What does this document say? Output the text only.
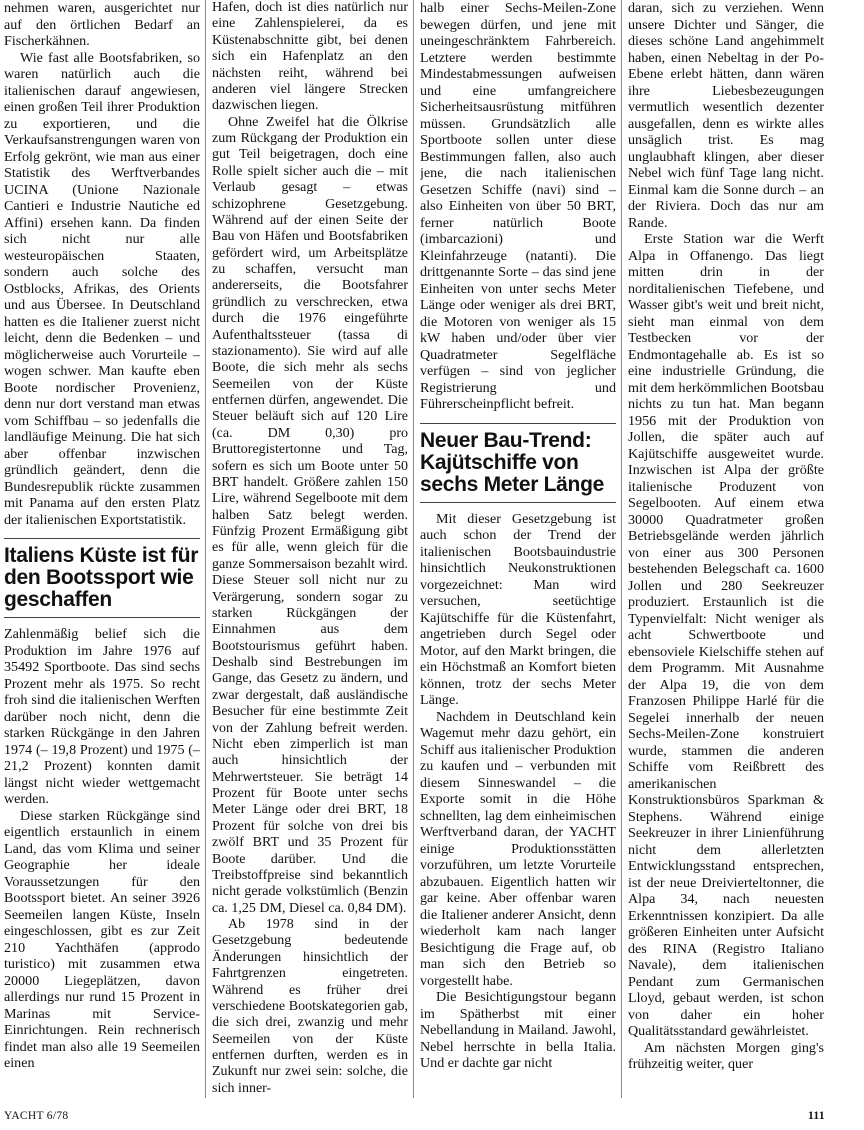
nehmen waren, ausgerichtet nur auf den örtlichen Bedarf an Fischerkähnen.

Wie fast alle Bootsfabriken, so waren natürlich auch die italienischen darauf angewiesen, einen großen Teil ihrer Produktion zu exportieren, und die Verkaufsanstrengungen waren von Erfolg gekrönt, wie man aus einer Statistik des Werftverbandes UCINA (Unione Nazionale Cantieri e Industrie Nautiche ed Affini) ersehen kann. Da finden sich nicht nur alle westeuropäischen Staaten, sondern auch solche des Ostblocks, Afrikas, des Orients und aus Übersee. In Deutschland hatten es die Italiener zuerst nicht leicht, denn die Bedenken – und möglicherweise auch Vorurteile – wogen schwer. Man kaufte eben Boote nordischer Provenienz, denn nur dort verstand man etwas vom Schiffbau – so jedenfalls die landläufige Meinung. Die hat sich aber offenbar inzwischen gründlich geändert, denn die Bundesrepublik rückte zusammen mit Panama auf den ersten Platz der italienischen Exportstatistik.

Italiens Küste ist für den Bootssport wie geschaffen

Zahlenmäßig belief sich die Produktion im Jahre 1976 auf 35492 Sportboote. Das sind sechs Prozent mehr als 1975. So recht froh sind die italienischen Werften darüber noch nicht, denn die starken Rückgänge in den Jahren 1974 (– 19,8 Prozent) und 1975 (– 21,2 Prozent) konnten damit längst nicht wieder wettgemacht werden.

Diese starken Rückgänge sind eigentlich erstaunlich in einem Land, das vom Klima und seiner Geographie her ideale Voraussetzungen für den Bootssport bietet. An seiner 3926 Seemeilen langen Küste, Inseln eingeschlossen, gibt es zur Zeit 210 Yachthäfen (approdo turistico) mit zusammen etwa 20000 Liegeplätzen, davon allerdings nur rund 15 Prozent in Marinas mit Service-Einrichtungen. Rein rechnerisch findet man also alle 19 Seemeilen einen

Hafen, doch ist dies natürlich nur eine Zahlenspielerei, da es Küstenabschnitte gibt, bei denen sich ein Hafenplatz an den nächsten reiht, während bei anderen viel längere Strecken dazwischen liegen.

Ohne Zweifel hat die Ölkrise zum Rückgang der Produktion ein gut Teil beigetragen, doch eine Rolle spielt sicher auch die – mit Verlaub gesagt – etwas schizophrene Gesetzgebung. Während auf der einen Seite der Bau von Häfen und Bootsfabriken gefördert wird, um Arbeitsplätze zu schaffen, versucht man andererseits, die Bootsfahrer gründlich zu verschrecken, etwa durch die 1976 eingeführte Aufenthaltssteuer (tassa di stazionamento). Sie wird auf alle Boote, die sich mehr als sechs Seemeilen von der Küste entfernen dürfen, angewendet. Die Steuer beläuft sich auf 120 Lire (ca. DM 0,30) pro Bruttoregistertonne und Tag, sofern es sich um Boote unter 50 BRT handelt. Größere zahlen 150 Lire, während Segelboote mit dem halben Satz belegt werden. Fünfzig Prozent Ermäßigung gibt es für alle, wenn gleich für die ganze Sommersaison bezahlt wird. Diese Steuer soll nicht nur zu Verärgerung, sondern sogar zu starken Rückgängen der Einnahmen aus dem Bootstourismus geführt haben. Deshalb sind Bestrebungen im Gange, das Gesetz zu ändern, und zwar dergestalt, daß ausländische Besucher für eine bestimmte Zeit von der Zahlung befreit werden. Nicht eben zimperlich ist man auch hinsichtlich der Mehrwertsteuer. Sie beträgt 14 Prozent für Boote unter sechs Meter Länge oder drei BRT, 18 Prozent für solche von drei bis zwölf BRT und 35 Prozent für Boote darüber. Und die Treibstoffpreise sind bekanntlich nicht gerade volkstümlich (Benzin ca. 1,25 DM, Diesel ca. 0,84 DM).

Ab 1978 sind in der Gesetzgebung bedeutende Änderungen hinsichtlich der Fahrtgrenzen eingetreten. Während es früher drei verschiedene Bootskategorien gab, die sich drei, zwanzig und mehr Seemeilen von der Küste entfernen durften, werden es in Zukunft nur zwei sein: solche, die sich inner-

halb einer Sechs-Meilen-Zone bewegen dürfen, und jene mit uneingeschränktem Fahrbereich. Letztere werden bestimmte Mindestabmessungen aufweisen und eine umfangreichere Sicherheitsausrüstung mitführen müssen. Grundsätzlich alle Sportboote sollen unter diese Bestimmungen fallen, also auch jene, die nach italienischen Gesetzen Schiffe (navi) sind – also Einheiten von über 50 BRT, ferner natürlich Boote (imbarcazioni) und Kleinfahrzeuge (natanti). Die drittgenannte Sorte – das sind jene Einheiten von unter sechs Meter Länge oder weniger als drei BRT, die Motoren von weniger als 15 kW haben und/oder über vier Quadratmeter Segelfläche verfügen – sind von jeglicher Registrierung und Führerscheinpflicht befreit.

Neuer Bau-Trend: Kajütschiffe von sechs Meter Länge

Mit dieser Gesetzgebung ist auch schon der Trend der italienischen Bootsbauindustrie hinsichtlich Neukonstruktionen vorgezeichnet: Man wird versuchen, seetüchtige Kajütschiffe für die Küstenfahrt, angetrieben durch Segel oder Motor, auf den Markt bringen, die ein Höchstmaß an Komfort bieten können, trotz der sechs Meter Länge.

Nachdem in Deutschland kein Wagemut mehr dazu gehört, ein Schiff aus italienischer Produktion zu kaufen und – verbunden mit diesem Sinneswandel – die Exporte somit in die Höhe schnellten, lag dem einheimischen Werftverband daran, der YACHT einige Produktionsstätten vorzuführen, um letzte Vorurteile abzubauen. Eigentlich hatten wir gar keine. Aber offenbar waren die Italiener anderer Ansicht, denn wiederholt kam nach langer Besichtigung die Frage auf, ob man sich den Betrieb so vorgestellt habe.

Die Besichtigungstour begann im Spätherbst mit einer Nebellandung in Mailand. Jawohl, Nebel herrschte in bella Italia. Und er dachte gar nicht

daran, sich zu verziehen. Wenn unsere Dichter und Sänger, die dieses schöne Land angehimmelt haben, einen Nebeltag in der Po-Ebene erlebt hätten, dann wären ihre Liebesbezeugungen vermutlich wesentlich dezenter ausgefallen, denn es wirkte alles unsäglich trist. Es mag unglaubhaft klingen, aber dieser Nebel wich fünf Tage lang nicht. Einmal kam die Sonne durch – an der Riviera. Doch das nur am Rande.

Erste Station war die Werft Alpa in Offanengo. Das liegt mitten drin in der norditalienischen Tiefebene, und Wasser gibt's weit und breit nicht, sieht man einmal von dem Testbecken vor der Endmontagehalle ab. Es ist so eine industrielle Gründung, die mit dem herkömmlichen Bootsbau nichts zu tun hat. Man begann 1956 mit der Produktion von Jollen, die später auch auf Kajütschiffe ausgeweitet wurde. Inzwischen ist Alpa der größte italienische Produzent von Segelbooten. Auf einem etwa 30000 Quadratmeter großen Betriebsgelände werden jährlich von einer aus 300 Personen bestehenden Belegschaft ca. 1600 Jollen und 280 Seekreuzer produziert. Erstaunlich ist die Typenvielfalt: Nicht weniger als acht Schwertboote und ebensoviele Kielschiffe stehen auf dem Programm. Mit Ausnahme der Alpa 19, die von dem Franzosen Philippe Harlé für die Segelei innerhalb der neuen Sechs-Meilen-Zone konstruiert wurde, stammen die anderen Schiffe vom Reißbrett des amerikanischen Konstruktionsbüros Sparkman & Stephens. Während einige Seekreuzer in ihrer Linienführung nicht dem allerletzten Entwicklungsstand entsprechen, ist der neue Dreivierteltonner, die Alpa 34, nach neuesten Erkenntnissen konzipiert. Da alle größeren Einheiten unter Aufsicht des RINA (Registro Italiano Navale), dem italienischen Pendant zum Germanischen Lloyd, gebaut werden, ist schon von daher ein hoher Qualitätsstandard gewährleistet.

Am nächsten Morgen ging's frühzeitig weiter, quer

YACHT 6/78	111
